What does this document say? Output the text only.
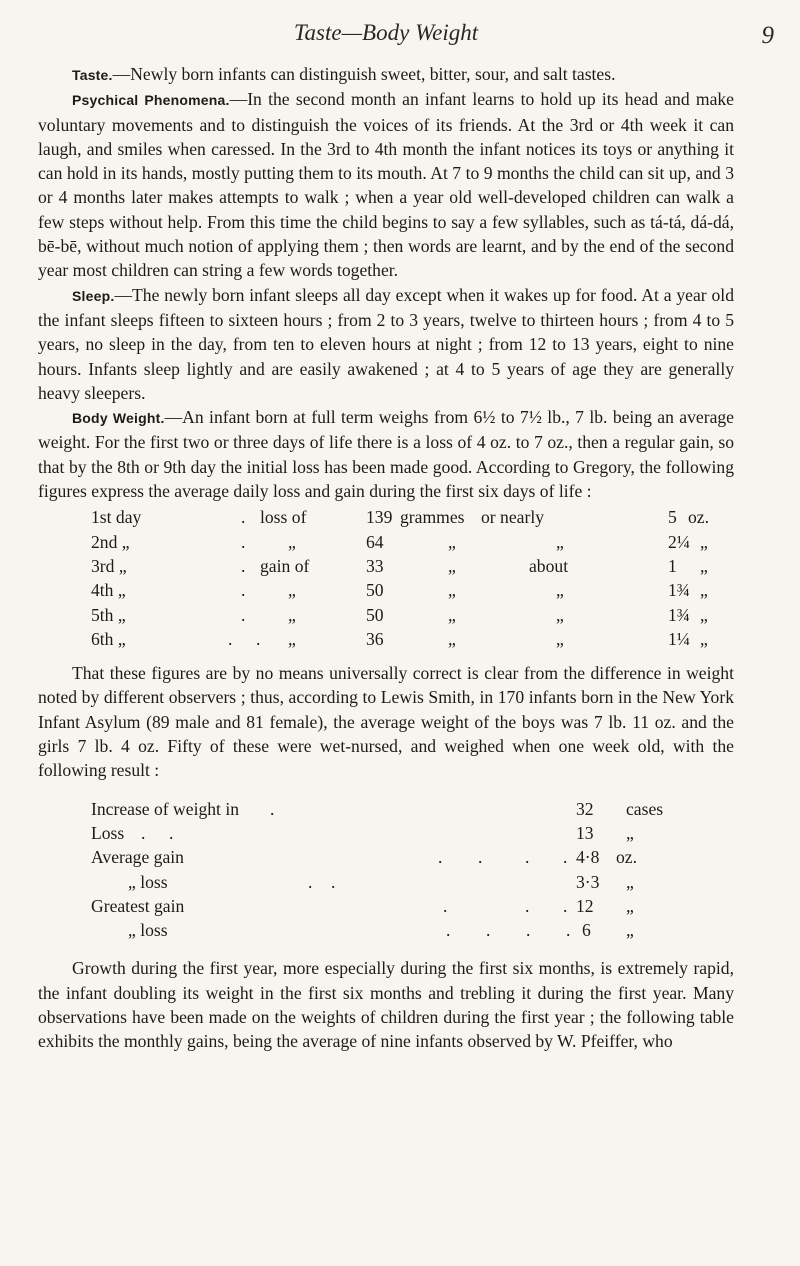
Taste—Body Weight	9

Taste.—Newly born infants can distinguish sweet, bitter, sour, and salt tastes.

Psychical Phenomena.—In the second month an infant learns to hold up its head and make voluntary movements and to distinguish the voices of its friends. At the 3rd or 4th week it can laugh, and smiles when caressed. In the 3rd to 4th month the infant notices its toys or anything it can hold in its hands, mostly putting them to its mouth. At 7 to 9 months the child can sit up, and 3 or 4 months later makes attempts to walk ; when a year old well-developed children can walk a few steps without help. From this time the child begins to say a few syllables, such as tá-tá, dá-dá, bē-bē, without much notion of applying them ; then words are learnt, and by the end of the second year most children can string a few words together.

Sleep.—The newly born infant sleeps all day except when it wakes up for food. At a year old the infant sleeps fifteen to sixteen hours ; from 2 to 3 years, twelve to thirteen hours ; from 4 to 5 years, no sleep in the day, from ten to eleven hours at night ; from 12 to 13 years, eight to nine hours. Infants sleep lightly and are easily awakened ; at 4 to 5 years of age they are generally heavy sleepers.

Body Weight.—An infant born at full term weighs from 6½ to 7½ lb., 7 lb. being an average weight. For the first two or three days of life there is a loss of 4 oz. to 7 oz., then a regular gain, so that by the 8th or 9th day the initial loss has been made good. According to Gregory, the following figures express the average daily loss and gain during the first six days of life :

1st day	. loss of	139 grammes or nearly	5 oz.
2nd „	. „	64	„	„	2¼ „
3rd „	. gain of	33	„	about	1 „
4th „	. „	50	„	„	1¾ „
5th „	. „	50	„	„	1¾ „
6th „	. . „	36	„	„	1¼ „

That these figures are by no means universally correct is clear from the difference in weight noted by different observers ; thus, according to Lewis Smith, in 170 infants born in the New York Infant Asylum (89 male and 81 female), the average weight of the boys was 7 lb. 11 oz. and the girls 7 lb. 4 oz. Fifty of these were wet-nursed, and weighed when one week old, with the following result :

Increase of weight in .	32 cases
Loss . .	13 „
Average gain	. . . . 4·8 oz.
„ loss	. .	3·3 „
Greatest gain	.	. . 12 „
„ loss	. . . . 6 „

Growth during the first year, more especially during the first six months, is extremely rapid, the infant doubling its weight in the first six months and trebling it during the first year. Many observations have been made on the weights of children during the first year ; the following table exhibits the monthly gains, being the average of nine infants observed by W. Pfeiffer, who
